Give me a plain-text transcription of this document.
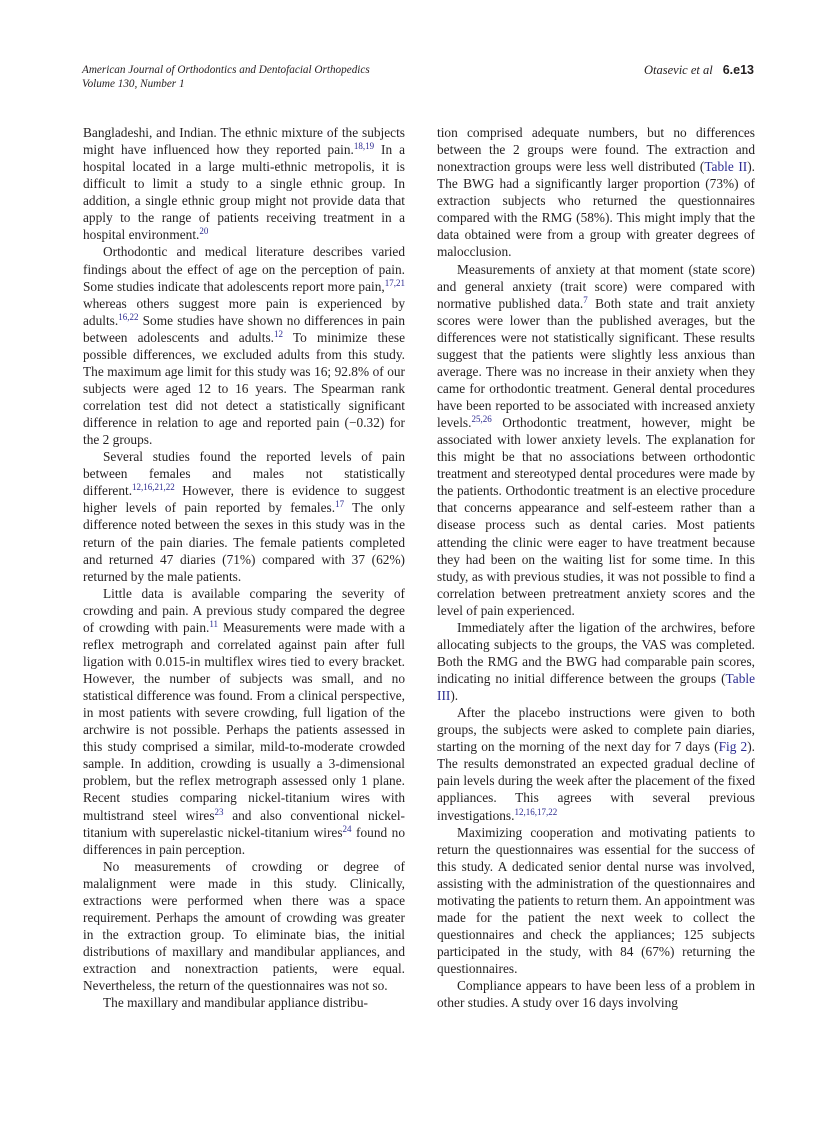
American Journal of Orthodontics and Dentofacial Orthopedics
Volume 130, Number 1
Otasevic et al 6.e13

Bangladeshi, and Indian. The ethnic mixture of the subjects might have influenced how they reported pain.$^{18,19}$ In a hospital located in a large multi-ethnic metropolis, it is difficult to limit a study to a single ethnic group. In addition, a single ethnic group might not provide data that apply to the range of patients receiving treatment in a hospital environment.$^{20}$

Orthodontic and medical literature describes varied findings about the effect of age on the perception of pain. Some studies indicate that adolescents report more pain,$^{17,21}$ whereas others suggest more pain is experienced by adults.$^{16,22}$ Some studies have shown no differences in pain between adolescents and adults.$^{12}$ To minimize these possible differences, we excluded adults from this study. The maximum age limit for this study was 16; 92.8% of our subjects were aged 12 to 16 years. The Spearman rank correlation test did not detect a statistically significant difference in relation to age and reported pain (−0.32) for the 2 groups.

Several studies found the reported levels of pain between females and males not statistically different.$^{12,16,21,22}$ However, there is evidence to suggest higher levels of pain reported by females.$^{17}$ The only difference noted between the sexes in this study was in the return of the pain diaries. The female patients completed and returned 47 diaries (71%) compared with 37 (62%) returned by the male patients.

Little data is available comparing the severity of crowding and pain. A previous study compared the degree of crowding with pain.$^{11}$ Measurements were made with a reflex metrograph and correlated against pain after full ligation with 0.015-in multiflex wires tied to every bracket. However, the number of subjects was small, and no statistical difference was found. From a clinical perspective, in most patients with severe crowding, full ligation of the archwire is not possible. Perhaps the patients assessed in this study comprised a similar, mild-to-moderate crowded sample. In addition, crowding is usually a 3-dimensional problem, but the reflex metrograph assessed only 1 plane. Recent studies comparing nickel-titanium wires with multistrand steel wires$^{23}$ and also conventional nickel-titanium with superelastic nickel-titanium wires$^{24}$ found no differences in pain perception.

No measurements of crowding or degree of malalignment were made in this study. Clinically, extractions were performed when there was a space requirement. Perhaps the amount of crowding was greater in the extraction group. To eliminate bias, the initial distributions of maxillary and mandibular appliances, and extraction and nonextraction patients, were equal. Nevertheless, the return of the questionnaires was not so.

The maxillary and mandibular appliance distribu-

tion comprised adequate numbers, but no differences between the 2 groups were found. The extraction and nonextraction groups were less well distributed (Table II). The BWG had a significantly larger proportion (73%) of extraction subjects who returned the questionnaires compared with the RMG (58%). This might imply that the data obtained were from a group with greater degrees of malocclusion.

Measurements of anxiety at that moment (state score) and general anxiety (trait score) were compared with normative published data.$^7$ Both state and trait anxiety scores were lower than the published averages, but the differences were not statistically significant. These results suggest that the patients were slightly less anxious than average. There was no increase in their anxiety when they came for orthodontic treatment. General dental procedures have been reported to be associated with increased anxiety levels.$^{25,26}$ Orthodontic treatment, however, might be associated with lower anxiety levels. The explanation for this might be that no associations between orthodontic treatment and stereotyped dental procedures were made by the patients. Orthodontic treatment is an elective procedure that concerns appearance and self-esteem rather than a disease process such as dental caries. Most patients attending the clinic were eager to have treatment because they had been on the waiting list for some time. In this study, as with previous studies, it was not possible to find a correlation between pretreatment anxiety scores and the level of pain experienced.

Immediately after the ligation of the archwires, before allocating subjects to the groups, the VAS was completed. Both the RMG and the BWG had comparable pain scores, indicating no initial difference between the groups (Table III).

After the placebo instructions were given to both groups, the subjects were asked to complete pain diaries, starting on the morning of the next day for 7 days (Fig 2). The results demonstrated an expected gradual decline of pain levels during the week after the placement of the fixed appliances. This agrees with several previous investigations.$^{12,16,17,22}$

Maximizing cooperation and motivating patients to return the questionnaires was essential for the success of this study. A dedicated senior dental nurse was involved, assisting with the administration of the questionnaires and motivating the patients to return them. An appointment was made for the patient the next week to collect the questionnaires and check the appliances; 125 subjects participated in the study, with 84 (67%) returning the questionnaires.

Compliance appears to have been less of a problem in other studies. A study over 16 days involving
